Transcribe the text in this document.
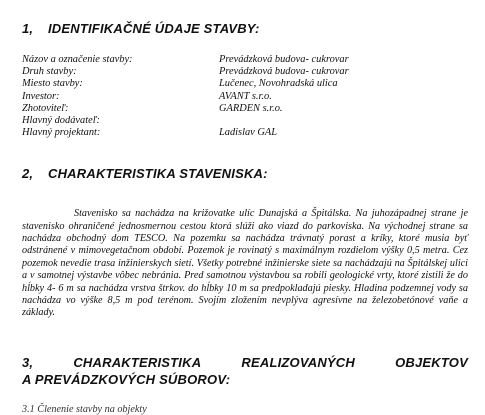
1, IDENTIFIKAČNÉ ÚDAJE STAVBY:
Názov a označenie stavby:	Prevádzková budova- cukrovar
Druh stavby:	Prevádzková budova- cukrovar
Miesto stavby:	Lučenec, Novohradská ulica
Investor:	AVANT s.r.o.
Zhotoviteľ:	GARDEN s.r.o.
Hlavný dodávateľ:
Hlavný projektant:	Ladislav GAL
2, CHARAKTERISTIKA STAVENISKA:

Stavenisko sa nachádza na križovatke ulíc Dunajská a Špitálska. Na juhozápadnej strane je stavenisko ohraničené jednosmernou cestou ktorá slúži ako viazd do parkoviska. Na východnej strane sa nachádza obchodný dom TESCO. Na pozemku sa nachádza trávnatý porast a kríky, ktoré musia byť odstránené v mimovegetačnom období. Pozemok je rovinatý s maximálnym rozdielom výšky 0,5 metra. Cez pozemok nevedie trasa inžinierskych sietí. Všetky potrebné inžinierske siete sa nachádzajú na Špitálskej ulici a v samotnej výstavbe vôbec nebránia. Pred samotnou výstavbou sa robili geologické vrty, ktoré zistili že do hĺbky 4- 6 m sa nachádza vrstva štrkov. do hĺbky 10 m sa predpokladajú piesky. Hladina podzemnej vody sa nachádza vo výške 8,5 m pod terénom. Svojím zložením nevplýva agresívne na železobetónové vaňe a základy.

3,	CHARAKTERISTIKA	REALIZOVANÝCH	OBJEKTOV
A PREVÁDZKOVÝCH SÚBOROV:
3.1 Členenie stavby na objekty
